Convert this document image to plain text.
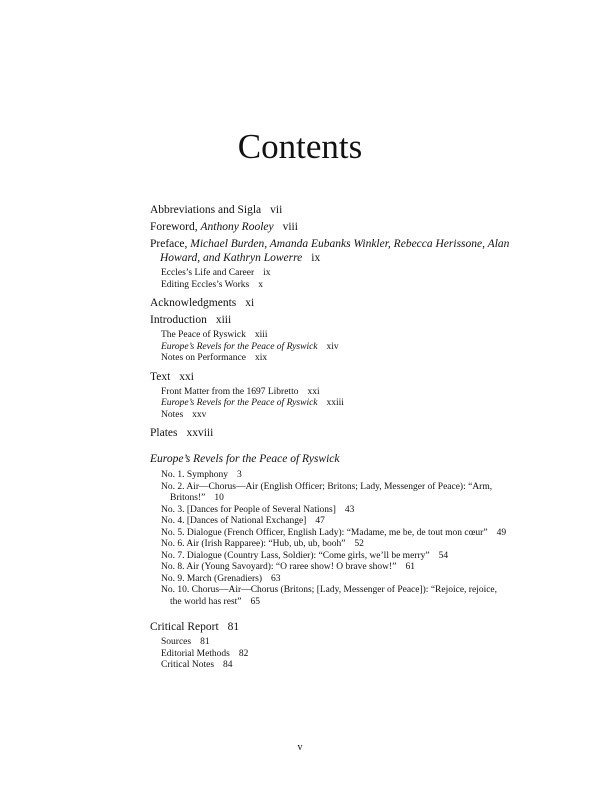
Contents
Abbreviations and Sigla vii
Foreword, Anthony Rooley viii
Preface, Michael Burden, Amanda Eubanks Winkler, Rebecca Herissone, Alan Howard, and Kathryn Lowerre ix
Eccles’s Life and Career ix
Editing Eccles’s Works x
Acknowledgments xi
Introduction xiii
The Peace of Ryswick xiii
Europe’s Revels for the Peace of Ryswick xiv
Notes on Performance xix
Text xxi
Front Matter from the 1697 Libretto xxi
Europe’s Revels for the Peace of Ryswick xxiii
Notes xxv
Plates xxviii
Europe’s Revels for the Peace of Ryswick
No. 1. Symphony 3
No. 2. Air—Chorus—Air (English Officer; Britons; Lady, Messenger of Peace): “Arm, Britons!” 10
No. 3. [Dances for People of Several Nations] 43
No. 4. [Dances of National Exchange] 47
No. 5. Dialogue (French Officer, English Lady): “Madame, me be, de tout mon cœur” 49
No. 6. Air (Irish Rapparee): “Hub, ub, ub, booh” 52
No. 7. Dialogue (Country Lass, Soldier): “Come girls, we’ll be merry” 54
No. 8. Air (Young Savoyard): “O raree show! O brave show!” 61
No. 9. March (Grenadiers) 63
No. 10. Chorus—Air—Chorus (Britons; [Lady, Messenger of Peace]): “Rejoice, rejoice, the world has rest” 65
Critical Report 81
Sources 81
Editorial Methods 82
Critical Notes 84
v
